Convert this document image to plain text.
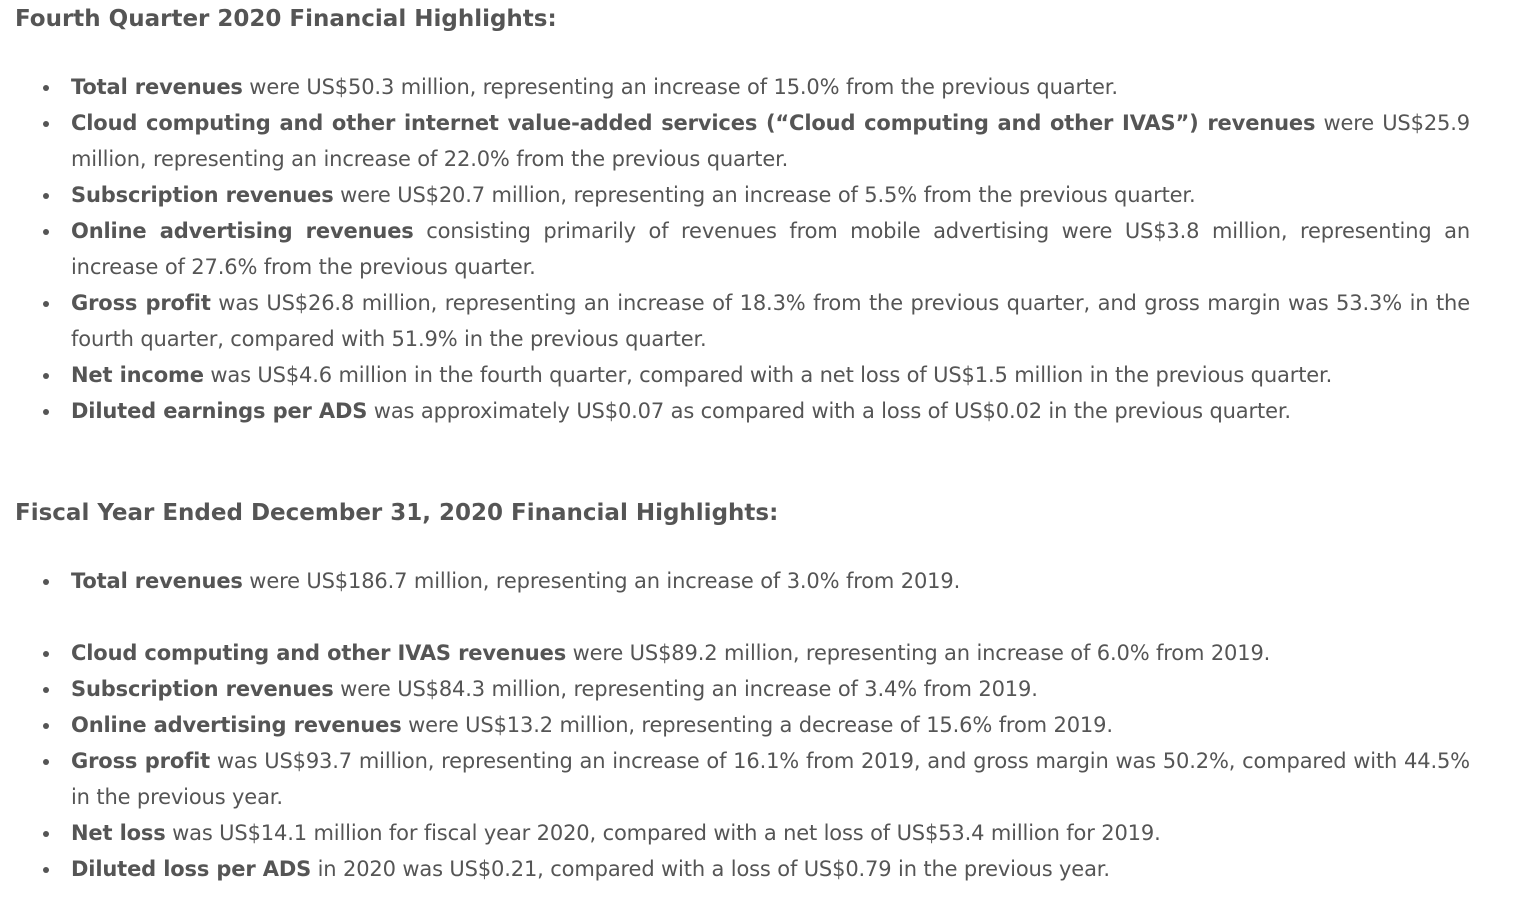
Fourth Quarter 2020 Financial Highlights:
Total revenues were US$50.3 million, representing an increase of 15.0% from the previous quarter.
Cloud computing and other internet value-added services (“Cloud computing and other IVAS”) revenues were US$25.9 million, representing an increase of 22.0% from the previous quarter.
Subscription revenues were US$20.7 million, representing an increase of 5.5% from the previous quarter.
Online advertising revenues consisting primarily of revenues from mobile advertising were US$3.8 million, representing an increase of 27.6% from the previous quarter.
Gross profit was US$26.8 million, representing an increase of 18.3% from the previous quarter, and gross margin was 53.3% in the fourth quarter, compared with 51.9% in the previous quarter.
Net income was US$4.6 million in the fourth quarter, compared with a net loss of US$1.5 million in the previous quarter.
Diluted earnings per ADS was approximately US$0.07 as compared with a loss of US$0.02 in the previous quarter.
Fiscal Year Ended December 31, 2020 Financial Highlights:
Total revenues were US$186.7 million, representing an increase of 3.0% from 2019.
Cloud computing and other IVAS revenues were US$89.2 million, representing an increase of 6.0% from 2019.
Subscription revenues were US$84.3 million, representing an increase of 3.4% from 2019.
Online advertising revenues were US$13.2 million, representing a decrease of 15.6% from 2019.
Gross profit was US$93.7 million, representing an increase of 16.1% from 2019, and gross margin was 50.2%, compared with 44.5% in the previous year.
Net loss was US$14.1 million for fiscal year 2020, compared with a net loss of US$53.4 million for 2019.
Diluted loss per ADS in 2020 was US$0.21, compared with a loss of US$0.79 in the previous year.
